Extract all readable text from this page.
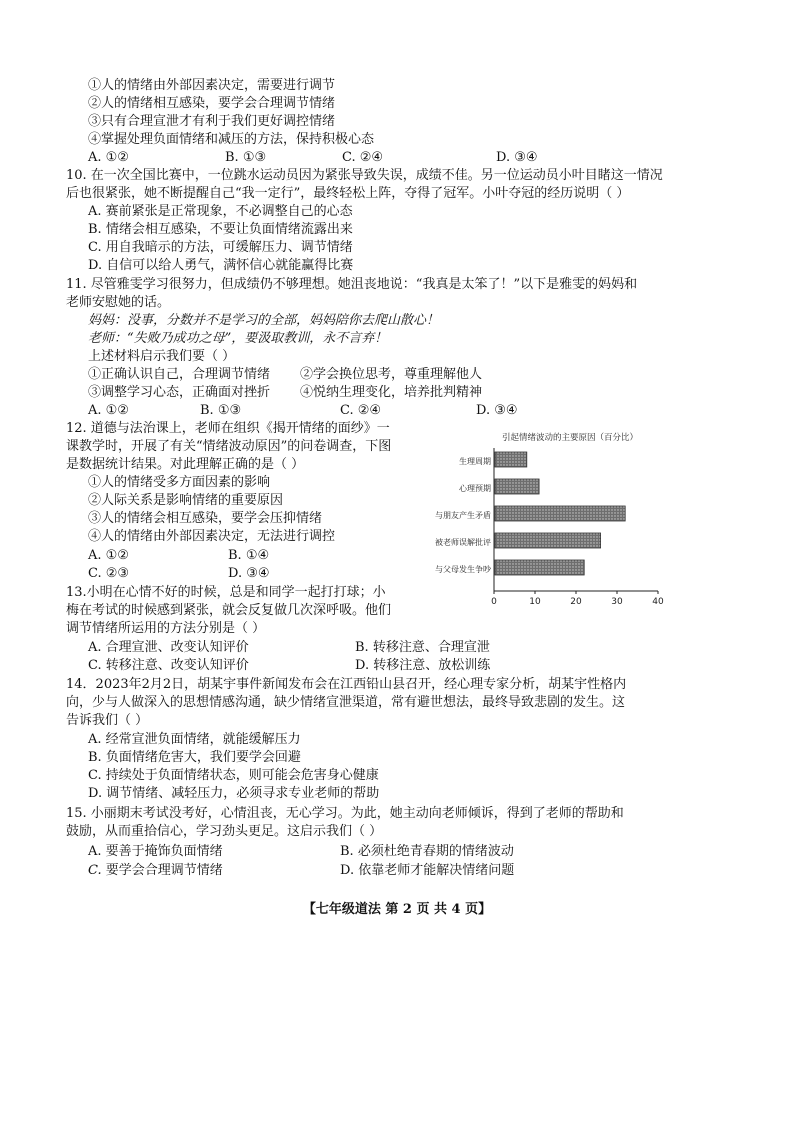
①人的情绪由外部因素决定，需要进行调节
②人的情绪相互感染，要学会合理调节情绪
③只有合理宣泄才有利于我们更好调控情绪
④掌握处理负面情绪和减压的方法，保持积极心态
A. ①②	B. ①③	C. ②④	D. ③④
10. 在一次全国比赛中，一位跳水运动员因为紧张导致失误，成绩不佳。另一位运动员小叶目睹这一情况
后也很紧张，她不断提醒自己“我一定行”，最终轻松上阵，夺得了冠军。小叶夺冠的经历说明（ ）
A. 赛前紧张是正常现象，不必调整自己的心态
B. 情绪会相互感染，不要让负面情绪流露出来
C. 用自我暗示的方法，可缓解压力、调节情绪
D. 自信可以给人勇气，满怀信心就能赢得比赛
11. 尽管雅雯学习很努力，但成绩仍不够理想。她沮丧地说：“我真是太笨了！”以下是雅雯的妈妈和
老师安慰她的话。
妈妈：没事，分数并不是学习的全部，妈妈陪你去爬山散心！
老师：“失败乃成功之母”，要汲取教训，永不言弃！
上述材料启示我们要（ ）
①正确认识自己，合理调节情绪 ②学会换位思考，尊重理解他人
③调整学习心态，正确面对挫折 ④悦纳生理变化，培养批判精神
A. ①②	B. ①③	C. ②④	D. ③④
12. 道德与法治课上，老师在组织《揭开情绪的面纱》一
课教学时，开展了有关“情绪波动原因”的问卷调查，下图
是数据统计结果。对此理解正确的是（ ）
①人的情绪受多方面因素的影响
②人际关系是影响情绪的重要原因
③人的情绪会相互感染，要学会压抑情绪
④人的情绪由外部因素决定，无法进行调控
A. ①②	B. ①④
C. ②③	D. ③④
引起情绪波动的主要原因（百分比）
生理周期
心理预期
与朋友产生矛盾
被老师误解批评
与父母发生争吵
0	10	20	30	40
13.小明在心情不好的时候，总是和同学一起打打球；小
梅在考试的时候感到紧张，就会反复做几次深呼吸。他们
调节情绪所运用的方法分别是（ ）
A. 合理宣泄、改变认知评价	B. 转移注意、合理宣泄
C. 转移注意、改变认知评价	D. 转移注意、放松训练
14．2023年2月2日，胡某宇事件新闻发布会在江西铅山县召开，经心理专家分析，胡某宇性格内
向，少与人做深入的思想情感沟通，缺少情绪宣泄渠道，常有避世想法，最终导致悲剧的发生。这
告诉我们（ ）
A. 经常宣泄负面情绪，就能缓解压力
B. 负面情绪危害大，我们要学会回避
C. 持续处于负面情绪状态，则可能会危害身心健康
D. 调节情绪、减轻压力，必须寻求专业老师的帮助
15. 小丽期末考试没考好，心情沮丧，无心学习。为此，她主动向老师倾诉，得到了老师的帮助和
鼓励，从而重拾信心，学习劲头更足。这启示我们（ ）
A. 要善于掩饰负面情绪	B. 必须杜绝青春期的情绪波动
C. 要学会合理调节情绪	D. 依靠老师才能解决情绪问题
【七年级道法 第 2 页 共 4 页】
